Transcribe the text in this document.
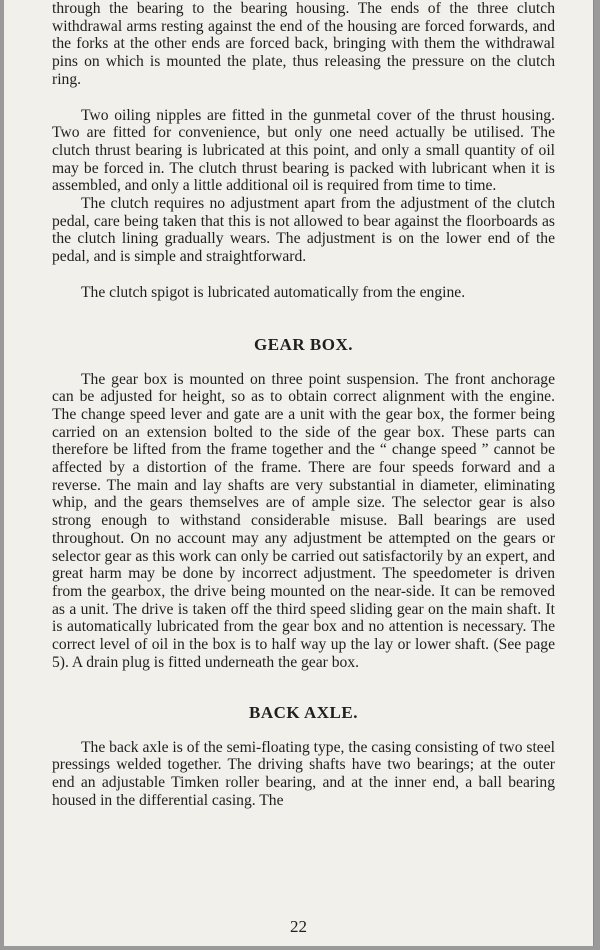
through the bearing to the bearing housing. The ends of the three clutch withdrawal arms resting against the end of the housing are forced forwards, and the forks at the other ends are forced back, bringing with them the withdrawal pins on which is mounted the plate, thus releasing the pressure on the clutch ring.

Two oiling nipples are fitted in the gunmetal cover of the thrust housing. Two are fitted for convenience, but only one need actually be utilised. The clutch thrust bearing is lubricated at this point, and only a small quantity of oil may be forced in. The clutch thrust bearing is packed with lubricant when it is assembled, and only a little additional oil is required from time to time.

The clutch requires no adjustment apart from the adjustment of the clutch pedal, care being taken that this is not allowed to bear against the floorboards as the clutch lining gradually wears. The adjustment is on the lower end of the pedal, and is simple and straightforward.

The clutch spigot is lubricated automatically from the engine.

GEAR BOX.

The gear box is mounted on three point suspension. The front anchorage can be adjusted for height, so as to obtain correct alignment with the engine. The change speed lever and gate are a unit with the gear box, the former being carried on an extension bolted to the side of the gear box. These parts can therefore be lifted from the frame together and the “ change speed ” cannot be affected by a distortion of the frame. There are four speeds forward and a reverse. The main and lay shafts are very substantial in diameter, eliminating whip, and the gears themselves are of ample size. The selector gear is also strong enough to withstand considerable misuse. Ball bearings are used throughout. On no account may any adjustment be attempted on the gears or selector gear as this work can only be carried out satisfactorily by an expert, and great harm may be done by incorrect adjustment. The speedometer is driven from the gearbox, the drive being mounted on the near-side. It can be removed as a unit. The drive is taken off the third speed sliding gear on the main shaft. It is automatically lubricated from the gear box and no attention is necessary. The correct level of oil in the box is to half way up the lay or lower shaft. (See page 5). A drain plug is fitted underneath the gear box.

BACK AXLE.

The back axle is of the semi-floating type, the casing consisting of two steel pressings welded together. The driving shafts have two bearings; at the outer end an adjustable Timken roller bearing, and at the inner end, a ball bearing housed in the differential casing. The

22
